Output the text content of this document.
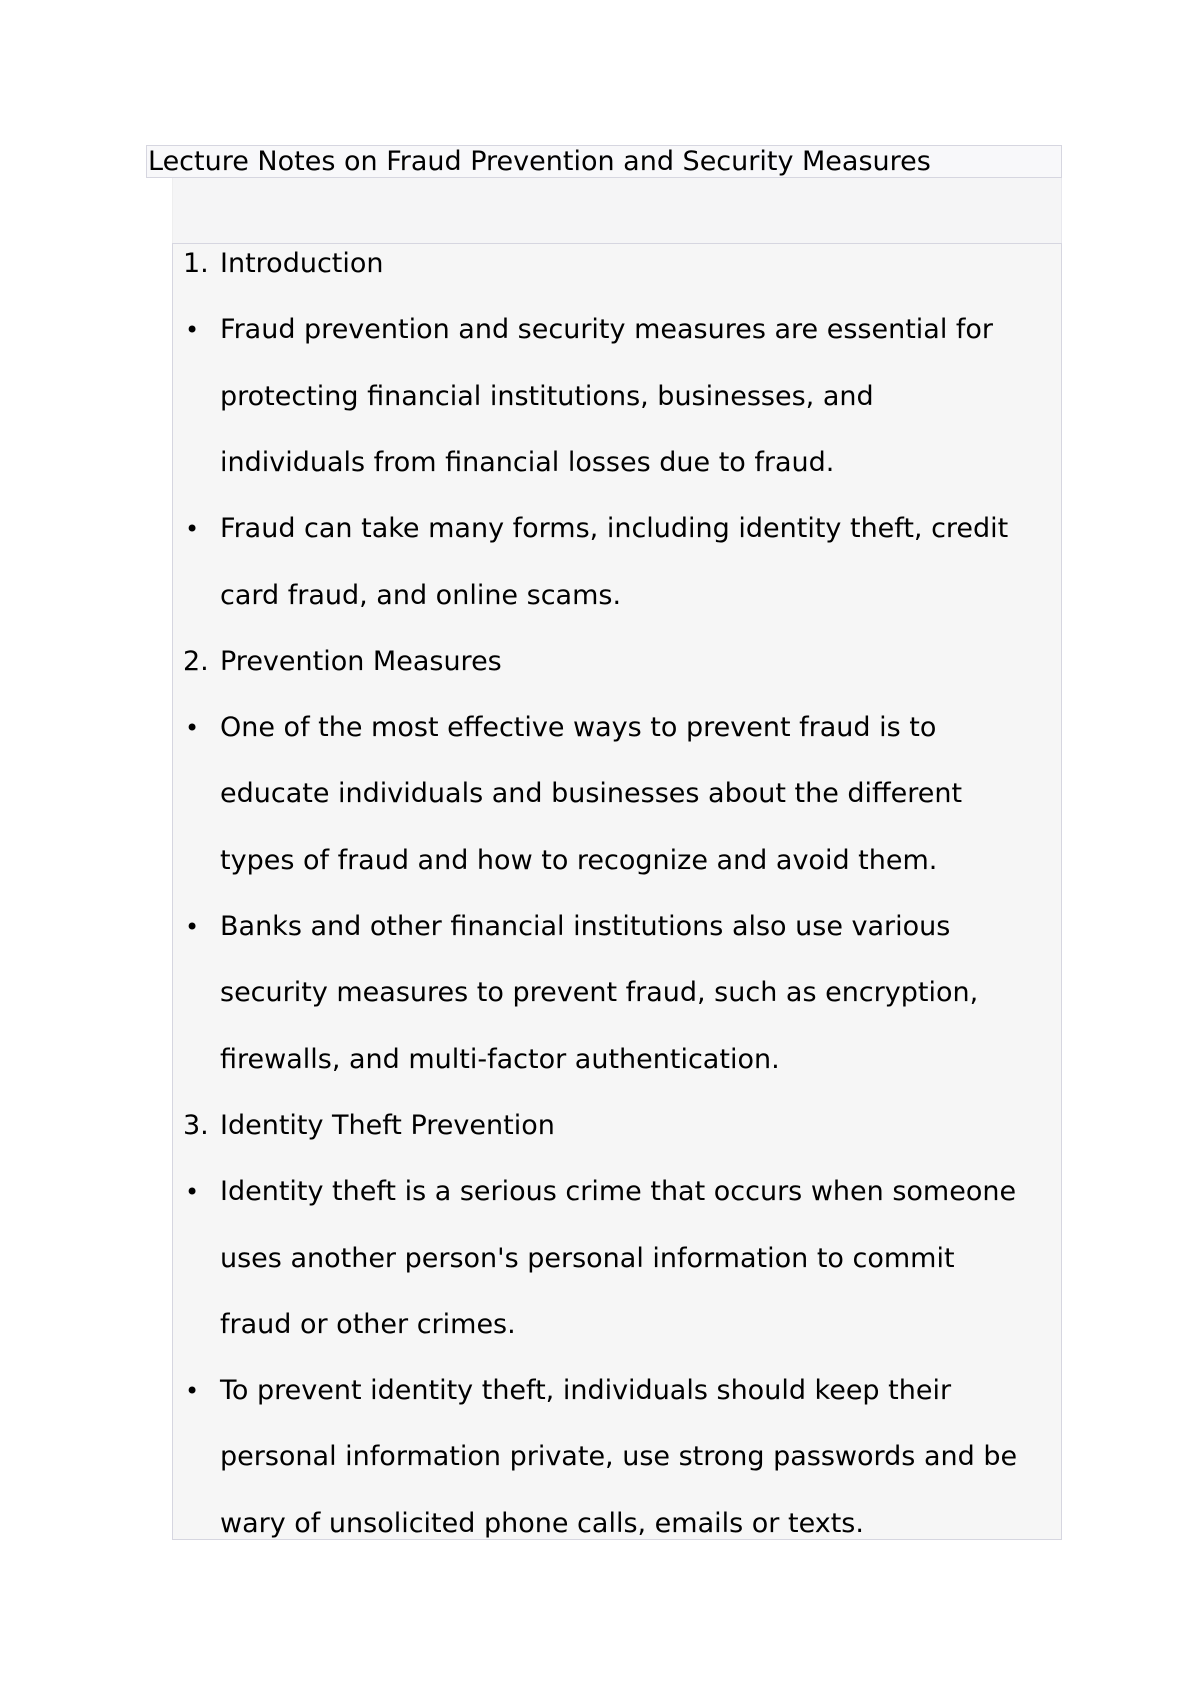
Lecture Notes on Fraud Prevention and Security Measures
1. Introduction
• Fraud prevention and security measures are essential for
protecting financial institutions, businesses, and
individuals from financial losses due to fraud.
• Fraud can take many forms, including identity theft, credit
card fraud, and online scams.
2. Prevention Measures
• One of the most effective ways to prevent fraud is to
educate individuals and businesses about the different
types of fraud and how to recognize and avoid them.
• Banks and other financial institutions also use various
security measures to prevent fraud, such as encryption,
firewalls, and multi-factor authentication.
3. Identity Theft Prevention
• Identity theft is a serious crime that occurs when someone
uses another person's personal information to commit
fraud or other crimes.
• To prevent identity theft, individuals should keep their
personal information private, use strong passwords and be
wary of unsolicited phone calls, emails or texts.
